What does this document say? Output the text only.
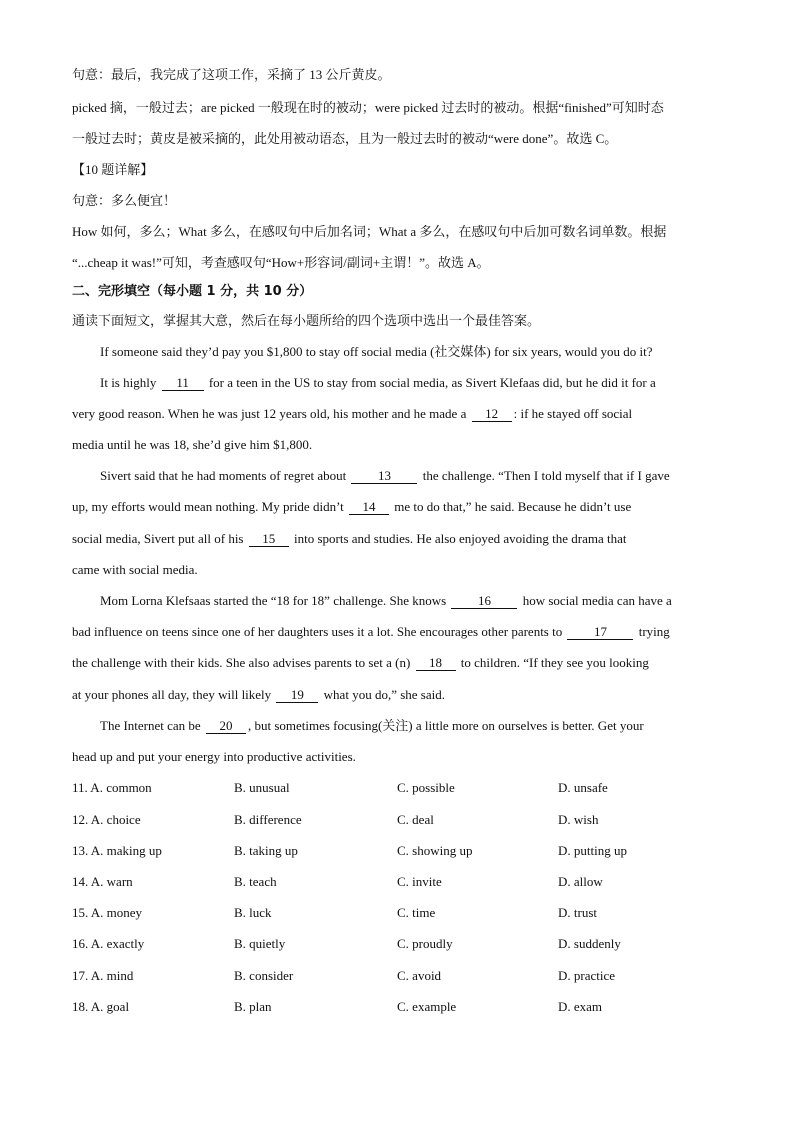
句意：最后，我完成了这项工作，采摘了 13 公斤黄皮。
picked 摘，一般过去；are picked 一般现在时的被动；were picked 过去时的被动。根据“finished”可知时态
一般过去时；黄皮是被采摘的，此处用被动语态，且为一般过去时的被动“were done”。故选 C。
【10 题详解】
句意：多么便宜！
How 如何，多么；What 多么，在感叹句中后加名词；What a 多么，在感叹句中后加可数名词单数。根据
“...cheap it was!”可知，考查感叹句“How+形容词/副词+主谓！”。故选 A。
二、完形填空（每小题 1 分，共 10 分）
通读下面短文，掌握其大意，然后在每小题所给的四个选项中选出一个最佳答案。
If someone said they’d pay you $1,800 to stay off social media (社交媒体) for six years, would you do it?
It is highly 11 for a teen in the US to stay from social media, as Sivert Klefaas did, but he did it for a
very good reason. When he was just 12 years old, his mother and he made a 12 : if he stayed off social
media until he was 18, she’d give him $1,800.
Sivert said that he had moments of regret about 13 the challenge. “Then I told myself that if I gave
up, my efforts would mean nothing. My pride didn’t 14 me to do that,” he said. Because he didn’t use
social media, Sivert put all of his 15 into sports and studies. He also enjoyed avoiding the drama that
came with social media.
Mom Lorna Klefsaas started the “18 for 18” challenge. She knows 16 how social media can have a
bad influence on teens since one of her daughters uses it a lot. She encourages other parents to 17 trying
the challenge with their kids. She also advises parents to set a (n) 18 to children. “If they see you looking
at your phones all day, they will likely 19 what you do,” she said.
The Internet can be 20 , but sometimes focusing(关注) a little more on ourselves is better. Get your
head up and put your energy into productive activities.
11. A. common	B. unusual	C. possible	D. unsafe
12. A. choice	B. difference	C. deal	D. wish
13. A. making up	B. taking up	C. showing up	D. putting up
14. A. warn	B. teach	C. invite	D. allow
15. A. money	B. luck	C. time	D. trust
16. A. exactly	B. quietly	C. proudly	D. suddenly
17. A. mind	B. consider	C. avoid	D. practice
18. A. goal	B. plan	C. example	D. exam
